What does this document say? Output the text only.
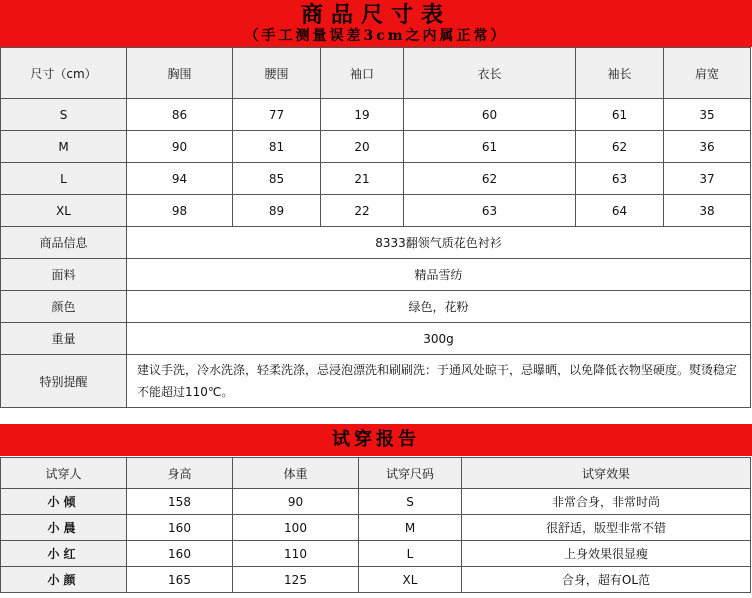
商品尺寸表
（手工测量误差3cm之内属正常）
尺寸（cm）	胸围	腰围	袖口	衣长	袖长	肩宽
S	86	77	19	60	61	35
M	90	81	20	61	62	36
L	94	85	21	62	63	37
XL	98	89	22	63	64	38
商品信息	8333翻领气质花色衬衫					
面料	精品雪纺					
颜色	绿色，花粉					
重量	300g					
特别提醒	建议手洗，冷水洗涤，轻柔洗涤，忌浸泡漂洗和刷刷洗：于通风处晾干，忌曝晒，以免降低衣物坚硬度。熨烫稳定不能超过110℃。					
试穿报告
试穿人	身高	体重	试穿尺码	试穿效果
小倾	158	90	S	非常合身，非常时尚
小晨	160	100	M	很舒适，版型非常不错
小红	160	110	L	上身效果很显瘦
小颜	165	125	XL	合身，超有OL范
